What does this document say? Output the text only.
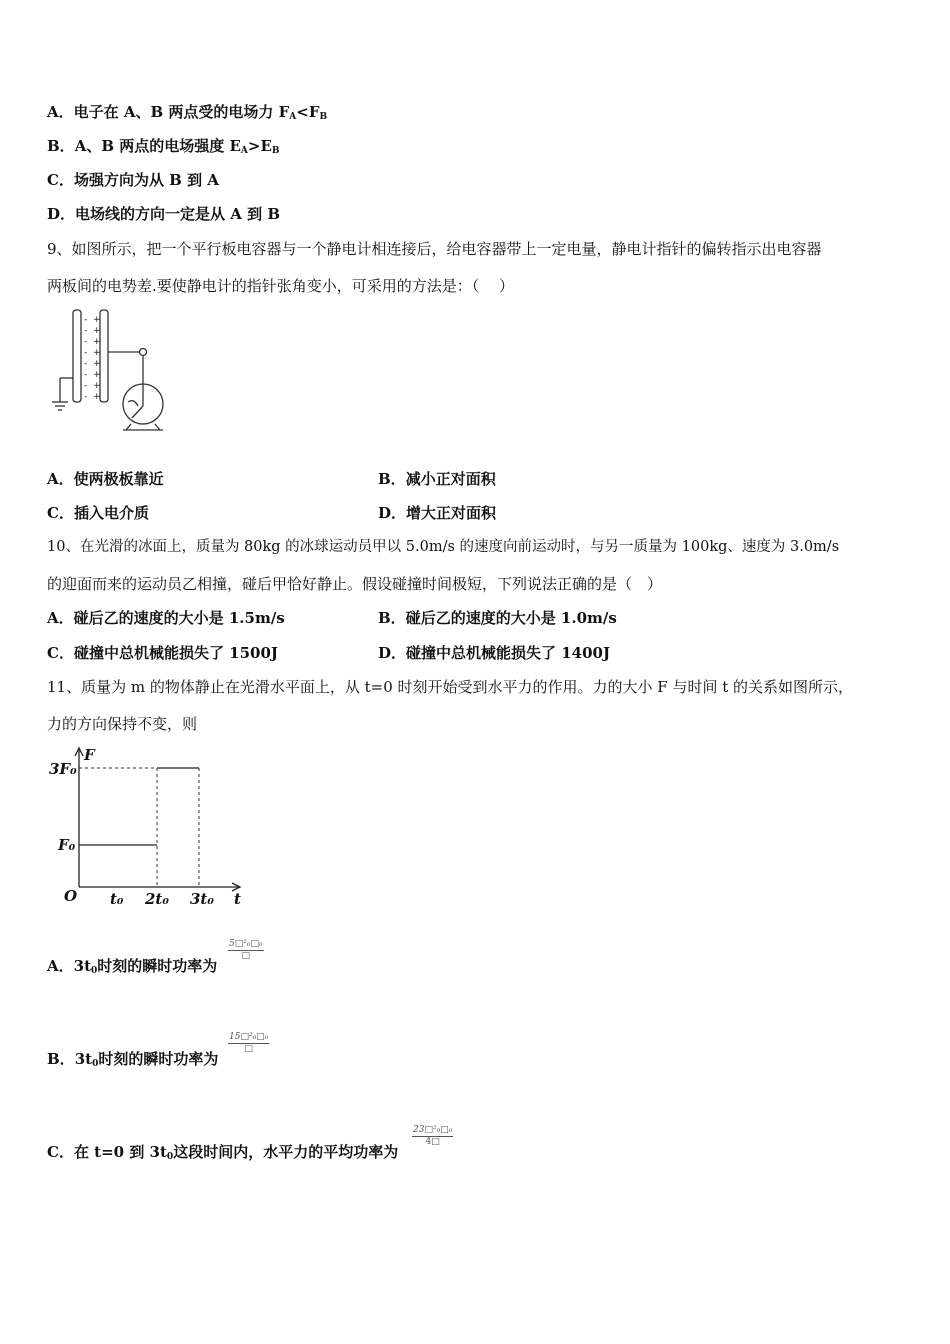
A．电子在 A、B 两点受的电场力 $F_A<F_B$
B．A、B 两点的电场强度 $E_A>E_B$
C．场强方向为从 B 到 A
D．电场线的方向一定是从 A 到 B
9、如图所示，把一个平行板电容器与一个静电计相连接后，给电容器带上一定电量，静电计指针的偏转指示出电容器
两板间的电势差.要使静电计的指针张角变小，可采用的方法是：（　 ）
-
-
-
-
-
-
-
-
+
+
+
+
+
+
+
+
A．使两极板靠近	B．减小正对面积
C．插入电介质	D．增大正对面积
10、在光滑的冰面上，质量为 80kg 的冰球运动员甲以 5.0m/s 的速度向前运动时，与另一质量为 100kg、速度为 3.0m/s
的迎面而来的运动员乙相撞，碰后甲恰好静止。假设碰撞时间极短，下列说法正确的是（　）
A．碰后乙的速度的大小是 1.5m/s	B．碰后乙的速度的大小是 1.0m/s
C．碰撞中总机械能损失了 1500J	D．碰撞中总机械能损失了 1400J
11、质量为 m 的物体静止在光滑水平面上，从 t=0 时刻开始受到水平力的作用。力的大小 F 与时间 t 的关系如图所示，
力的方向保持不变，则
F
t
O
3F₀
F₀
t₀ 2t₀ 3t₀
A．$3t_0$时刻的瞬时功率为
5□²₀□₀
□
B．$3t_0$时刻的瞬时功率为
15□²₀□₀
□
C．在 t=0 到 $3t_0$这段时间内，水平力的平均功率为
$\frac{\text{23□²₀□₀}}{4□}$
